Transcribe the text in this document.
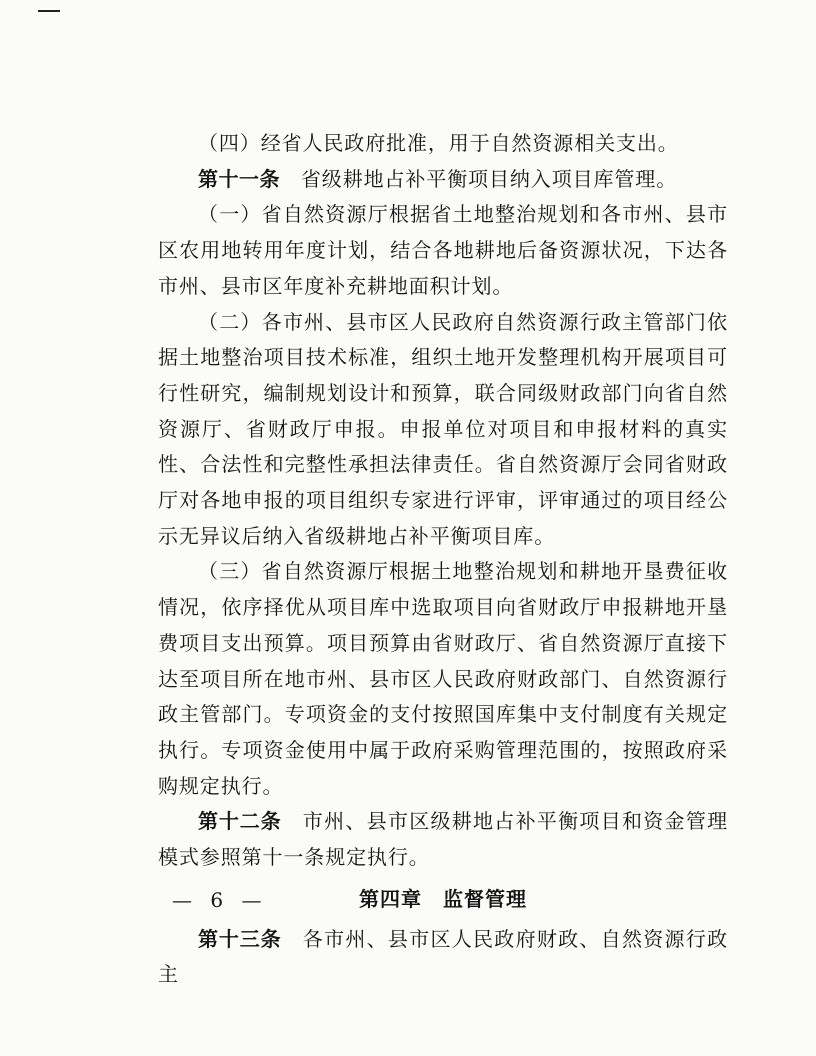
（四）经省人民政府批准，用于自然资源相关支出。

第十一条　 省级耕地占补平衡项目纳入项目库管理。

（一）省自然资源厅根据省土地整治规划和各市州、县市区农用地转用年度计划，结合各地耕地后备资源状况，下达各市州、县市区年度补充耕地面积计划。

（二）各市州、县市区人民政府自然资源行政主管部门依据土地整治项目技术标准，组织土地开发整理机构开展项目可行性研究，编制规划设计和预算，联合同级财政部门向省自然资源厅、省财政厅申报。申报单位对项目和申报材料的真实性、合法性和完整性承担法律责任。省自然资源厅会同省财政厅对各地申报的项目组织专家进行评审，评审通过的项目经公示无异议后纳入省级耕地占补平衡项目库。

（三）省自然资源厅根据土地整治规划和耕地开垦费征收情况，依序择优从项目库中选取项目向省财政厅申报耕地开垦费项目支出预算。项目预算由省财政厅、省自然资源厅直接下达至项目所在地市州、县市区人民政府财政部门、自然资源行政主管部门。专项资金的支付按照国库集中支付制度有关规定执行。专项资金使用中属于政府采购管理范围的，按照政府采购规定执行。

第十二条　 市州、县市区级耕地占补平衡项目和资金管理模式参照第十一条规定执行。

第四章　监督管理

第十三条　 各市州、县市区人民政府财政、自然资源行政主

— 6 —
